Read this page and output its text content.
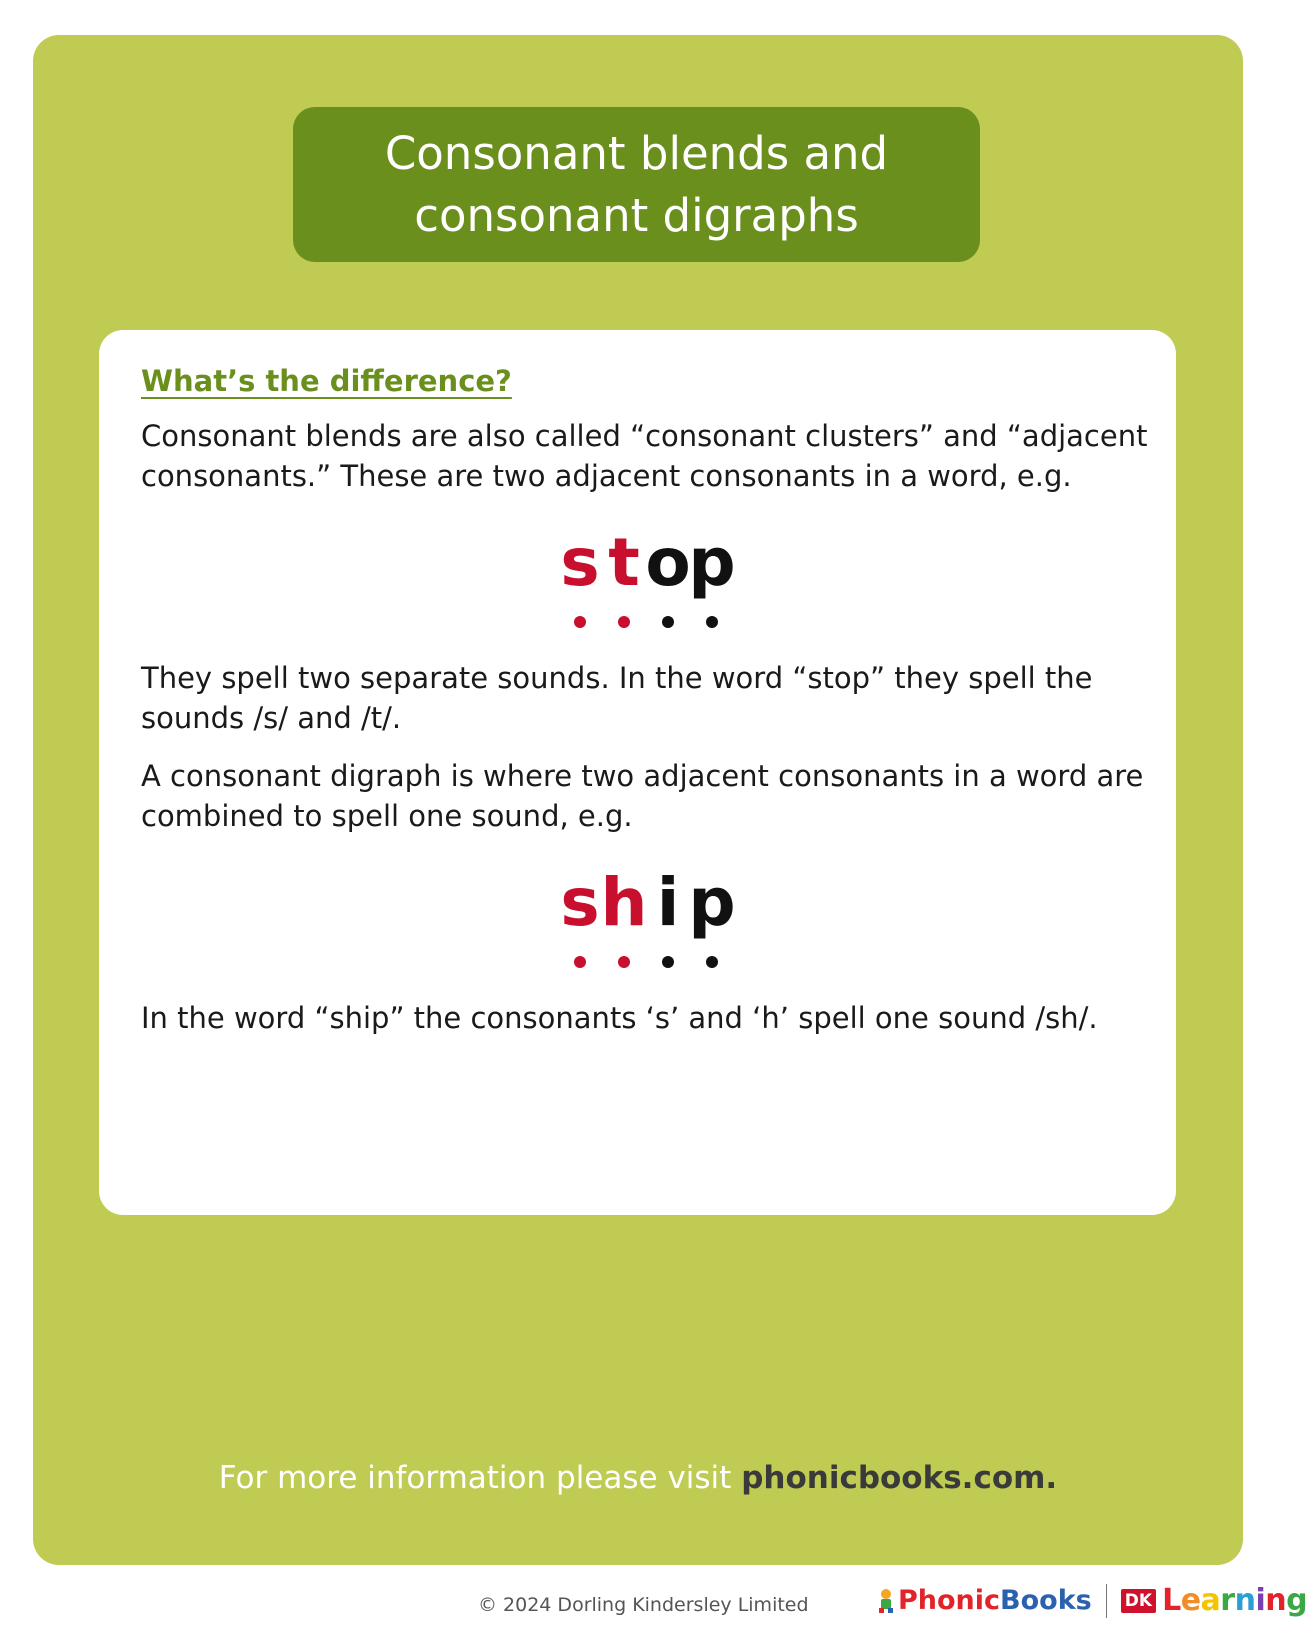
Consonant blends and
consonant digraphs
What’s the difference?

Consonant blends are also called “consonant clusters” and “adjacent consonants.” These are two adjacent consonants in a word, e.g.

s t o
p

They spell two separate sounds. In the word “stop” they spell the sounds /s/ and /t/.

A consonant digraph is where two adjacent consonants in a word are combined to spell one sound, e.g.

s h i p

In the word “ship” the consonants ‘s’ and ‘h’ spell one sound /sh/.

For more information please visit phonicbooks.com.
© 2024 Dorling Kindersley Limited	Phonic Books DK Learning
